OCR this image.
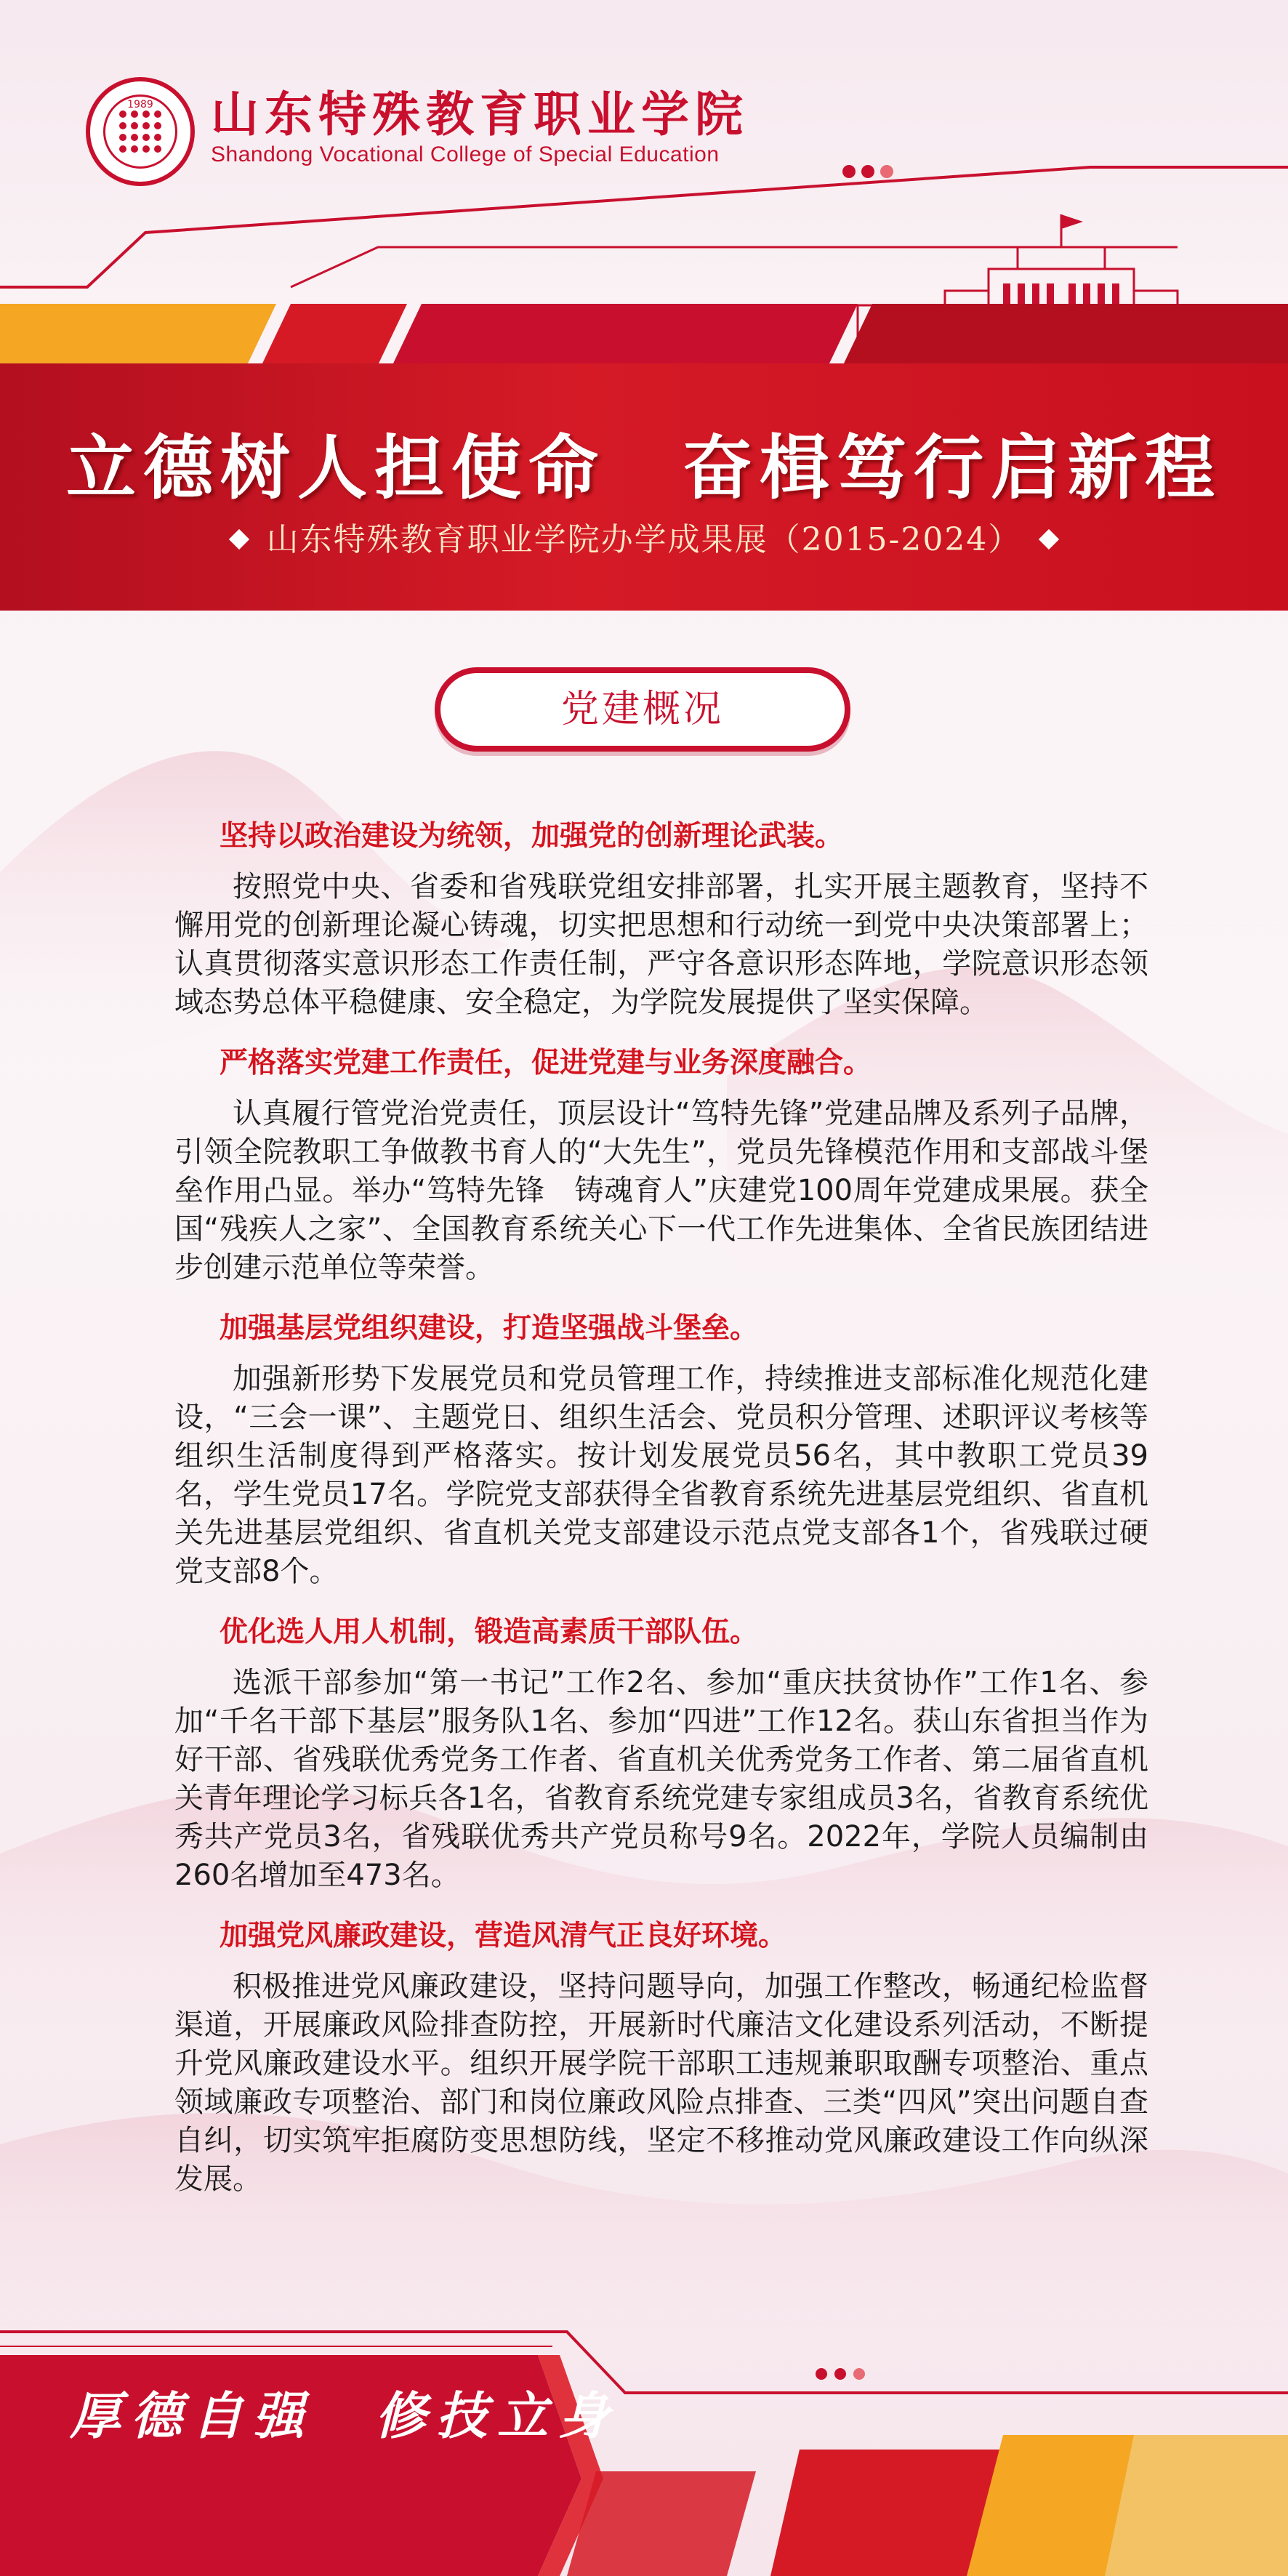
1989	山东特殊教育职业学院
Shandong Vocational College of Special Education
立德树人担使命　奋楫笃行启新程
山东特殊教育职业学院办学成果展（2015-2024）
党建概况
坚持以政治建设为统领，加强党的创新理论武装。
按照党中央、省委和省残联党组安排部署，扎实开展主题教育，坚持不懈用党的创新理论凝心铸魂，切实把思想和行动统一到党中央决策部署上；认真贯彻落实意识形态工作责任制，严守各意识形态阵地，学院意识形态领域态势总体平稳健康、安全稳定，为学院发展提供了坚实保障。
严格落实党建工作责任，促进党建与业务深度融合。
认真履行管党治党责任，顶层设计“笃特先锋”党建品牌及系列子品牌，引领全院教职工争做教书育人的“大先生”，党员先锋模范作用和支部战斗堡垒作用凸显。举办“笃特先锋　铸魂育人”庆建党100周年党建成果展。获全国“残疾人之家”、全国教育系统关心下一代工作先进集体、全省民族团结进步创建示范单位等荣誉。
加强基层党组织建设，打造坚强战斗堡垒。
加强新形势下发展党员和党员管理工作，持续推进支部标准化规范化建设，“三会一课”、主题党日、组织生活会、党员积分管理、述职评议考核等组织生活制度得到严格落实。按计划发展党员56名，其中教职工党员39名，学生党员17名。学院党支部获得全省教育系统先进基层党组织、省直机关先进基层党组织、省直机关党支部建设示范点党支部各1个，省残联过硬党支部8个。
优化选人用人机制，锻造高素质干部队伍。
选派干部参加“第一书记”工作2名、参加“重庆扶贫协作”工作1名、参加“千名干部下基层”服务队1名、参加“四进”工作12名。获山东省担当作为好干部、省残联优秀党务工作者、省直机关优秀党务工作者、第二届省直机关青年理论学习标兵各1名，省教育系统党建专家组成员3名，省教育系统优秀共产党员3名，省残联优秀共产党员称号9名。2022年，学院人员编制由260名增加至473名。
加强党风廉政建设，营造风清气正良好环境。
积极推进党风廉政建设，坚持问题导向，加强工作整改，畅通纪检监督渠道，开展廉政风险排查防控，开展新时代廉洁文化建设系列活动，不断提升党风廉政建设水平。组织开展学院干部职工违规兼职取酬专项整治、重点领域廉政专项整治、部门和岗位廉政风险点排查、三类“四风”突出问题自查自纠，切实筑牢拒腐防变思想防线，坚定不移推动党风廉政建设工作向纵深发展。
厚德自强　修技立身
